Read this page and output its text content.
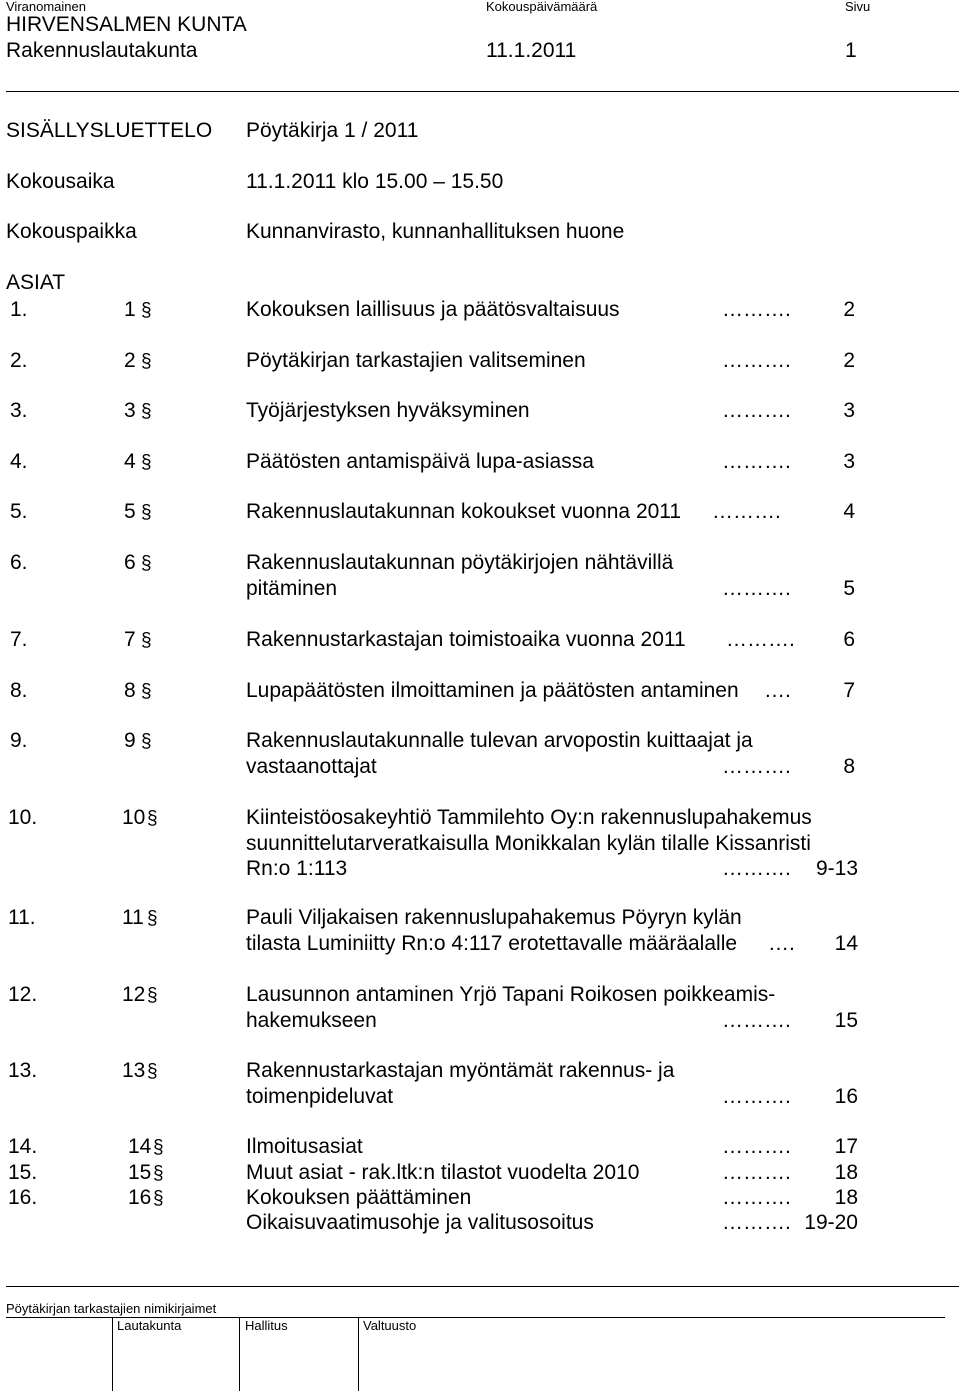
Viranomainen	Kokouspäivämäärä	Sivu
HIRVENSALMEN KUNTA
Rakennuslautakunta	11.1.2011	1
SISÄLLYSLUETTELO Pöytäkirja 1 / 2011
Kokousaika	11.1.2011 klo 15.00 – 15.50
Kokouspaikka	Kunnanvirasto, kunnanhallituksen huone
ASIAT
1.	1 §	Kokouksen laillisuus ja päätösvaltaisuus	………. 2
2.	2 §	Pöytäkirjan tarkastajien valitseminen	………. 2
3.	3 §	Työjärjestyksen hyväksyminen	………. 3
4.	4 §	Päätösten antamispäivä lupa-asiassa	………. 3
5.	5 §	Rakennuslautakunnan kokoukset vuonna 2011 ……….	4
6.	6 §	Rakennuslautakunnan pöytäkirjojen nähtävillä
pitäminen	………. 5
7.	7 §	Rakennustarkastajan toimistoaika vuonna 2011 ………. 6
8.	8 §	Lupapäätösten ilmoittaminen ja päätösten antaminen …. 7
9.	9 §	Rakennuslautakunnalle tulevan arvopostin kuittaajat ja
vastaanottajat	………. 8
10.	10 §	Kiinteistöosakeyhtiö Tammilehto Oy:n rakennuslupahakemus
suunnittelutarveratkaisulla Monikkalan kylän tilalle Kissanristi
Rn:o 1:113	………. 9-13
11.	11 §	Pauli Viljakaisen rakennuslupahakemus Pöyryn kylän
tilasta Luminiitty Rn:o 4:117 erotettavalle määräalalle …. 14
12.	12 §	Lausunnon antaminen Yrjö Tapani Roikosen poikkeamis-
hakemukseen	………. 15
13.	13 §	Rakennustarkastajan myöntämät rakennus- ja
toimenpideluvat	………. 16
14.	14 §	Ilmoitusasiat	………. 17
15.	15 §	Muut asiat - rak.ltk:n tilastot vuodelta 2010	………. 18
16.	16 §	Kokouksen päättäminen	………. 18
Oikaisuvaatimusohje ja valitusosoitus	………. 19-20
Pöytäkirjan tarkastajien nimikirjaimet
Lautakunta	Hallitus	Valtuusto
